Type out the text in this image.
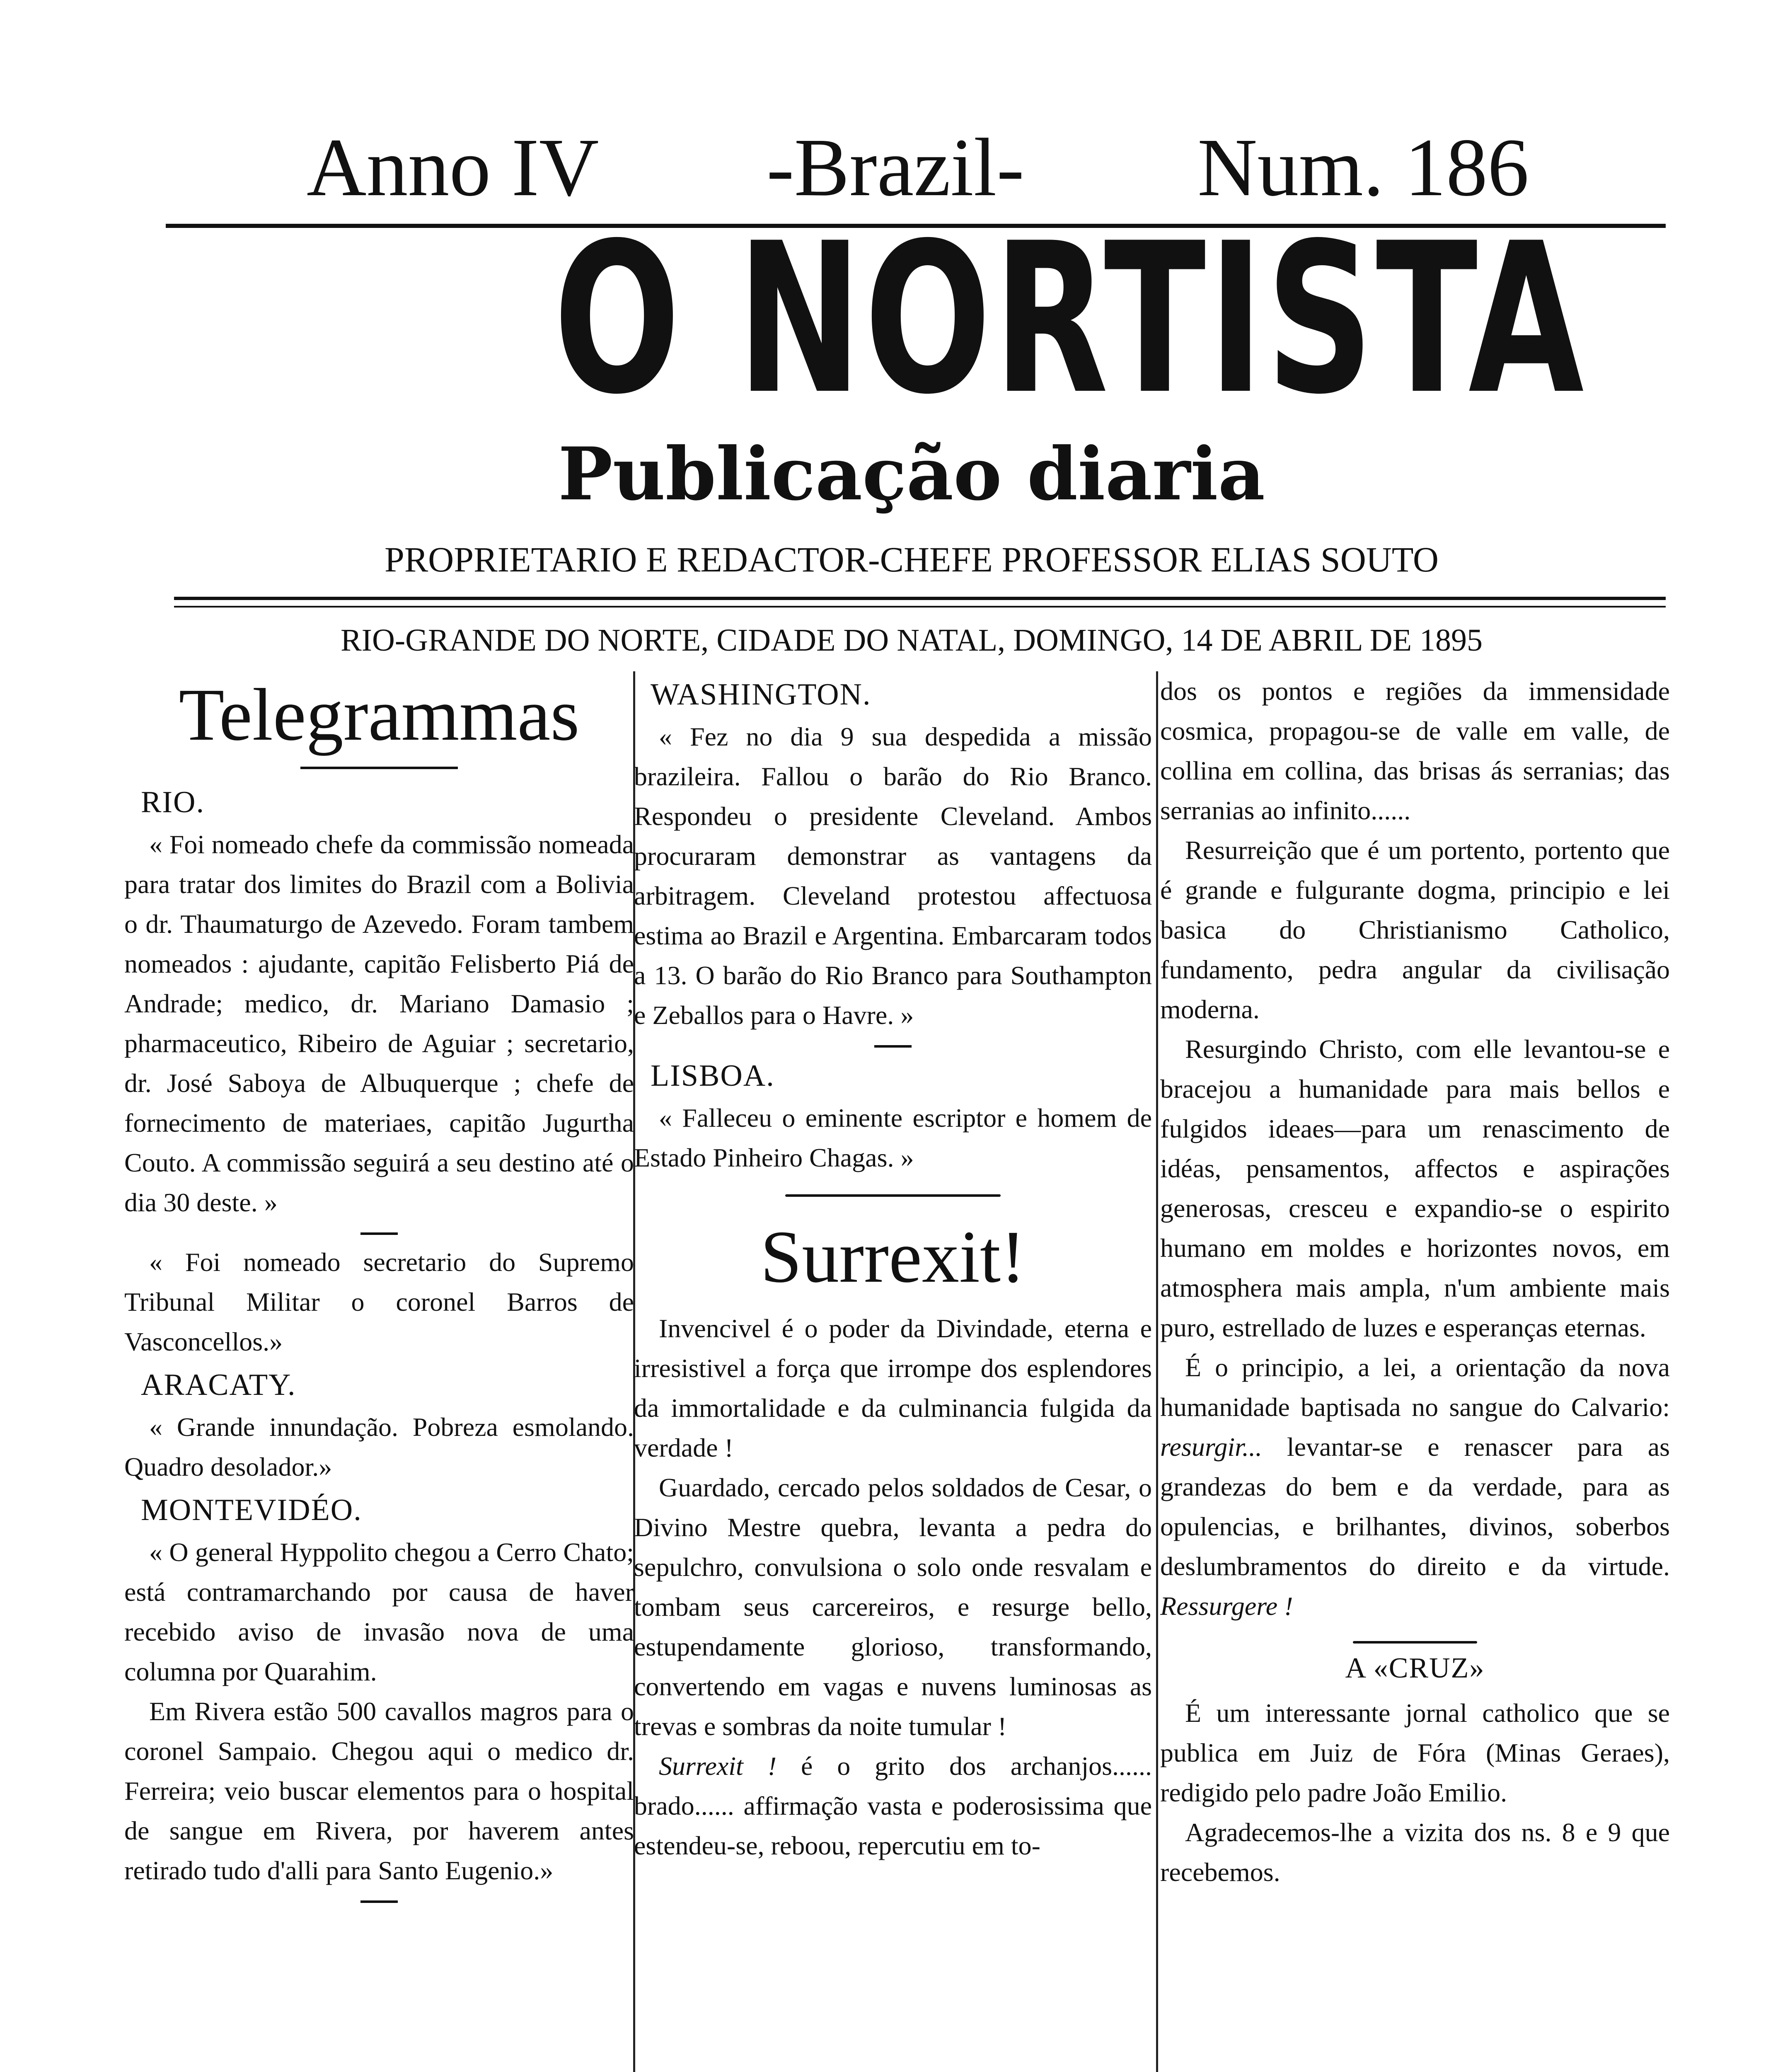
Anno IV -Brazil- Num. 186
O NORTISTA
Publicação diaria
PROPRIETARIO E REDACTOR-CHEFE PROFESSOR ELIAS SOUTO
RIO-GRANDE DO NORTE, CIDADE DO NATAL, DOMINGO, 14 DE ABRIL DE 1895
Telegrammas
RIO.

« Foi nomeado chefe da commissão nomeada para tratar dos limites do Brazil com a Bolivia o dr. Thaumaturgo de Azevedo. Foram tambem nomeados : ajudante, capitão Felisberto Piá de Andrade; medico, dr. Mariano Damasio ; pharmaceutico, Ribeiro de Aguiar ; secretario, dr. José Saboya de Albuquerque ; chefe de fornecimento de materiaes, capitão Jugurtha Couto. A commissão seguirá a seu destino até o dia 30 deste. »

« Foi nomeado secretario do Supremo Tribunal Militar o coronel Barros de Vasconcellos.»

ARACATY.

« Grande innundação. Pobreza esmolando. Quadro desolador.»

MONTEVIDÉO.

« O general Hyppolito chegou a Cerro Chato; está contramarchando por causa de haver recebido aviso de invasão nova de uma columna por Quarahim.

Em Rivera estão 500 cavallos magros para o coronel Sampaio. Chegou aqui o medico dr. Ferreira; veio buscar elementos para o hospital de sangue em Rivera, por haverem antes retirado tudo d'alli para Santo Eugenio.»

WASHINGTON.

« Fez no dia 9 sua despedida a missão brazileira. Fallou o barão do Rio Branco. Respondeu o presidente Cleveland. Ambos procuraram demonstrar as vantagens da arbitragem. Cleveland protestou affectuosa estima ao Brazil e Argentina. Embarcaram todos a 13. O barão do Rio Branco para Southampton e Zeballos para o Havre. »

LISBOA.

« Falleceu o eminente escriptor e homem de Estado Pinheiro Chagas. »

Surrexit!

Invencivel é o poder da Divindade, eterna e irresistivel a força que irrompe dos esplendores da immortalidade e da culminancia fulgida da verdade !

Guardado, cercado pelos soldados de Cesar, o Divino Mestre quebra, levanta a pedra do sepulchro, convulsiona o solo onde resvalam e tombam seus carcereiros, e resurge bello, estupendamente glorioso, transformando, convertendo em vagas e nuvens luminosas as trevas e sombras da noite tumular !

Surrexit ! é o grito dos archanjos...... brado...... affirmação vasta e poderosissima que estendeu-se, reboou, repercutiu em to-

dos os pontos e regiões da immensidade cosmica, propagou-se de valle em valle, de collina em collina, das brisas ás serranias; das serranias ao infinito......

Resurreição que é um portento, portento que é grande e fulgurante dogma, principio e lei basica do Christianismo Catholico, fundamento, pedra angular da civilisação moderna.

Resurgindo Christo, com elle levantou-se e bracejou a humanidade para mais bellos e fulgidos ideaes—para um renascimento de idéas, pensamentos, affectos e aspirações generosas, cresceu e expandio-se o espirito humano em moldes e horizontes novos, em atmosphera mais ampla, n'um ambiente mais puro, estrellado de luzes e esperanças eternas.

É o principio, a lei, a orientação da nova humanidade baptisada no sangue do Calvario: resurgir... levantar-se e renascer para as grandezas do bem e da verdade, para as opulencias, e brilhantes, divinos, soberbos deslumbramentos do direito e da virtude. Ressurgere !

A «CRUZ»

É um interessante jornal catholico que se publica em Juiz de Fóra (Minas Geraes), redigido pelo padre João Emilio.

Agradecemos-lhe a vizita dos ns. 8 e 9 que recebemos.
